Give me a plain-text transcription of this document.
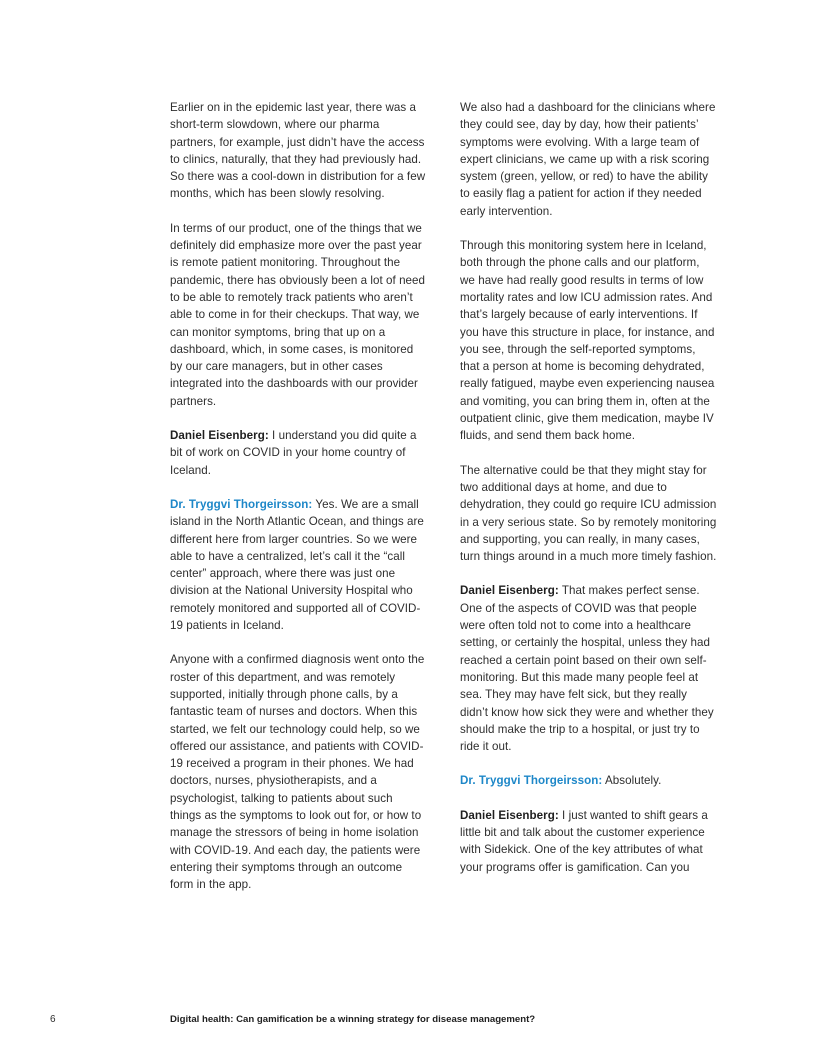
Earlier on in the epidemic last year, there was a short-term slowdown, where our pharma partners, for example, just didn’t have the access to clinics, naturally, that they had previously had. So there was a cool-down in distribution for a few months, which has been slowly resolving.

In terms of our product, one of the things that we definitely did emphasize more over the past year is remote patient monitoring. Throughout the pandemic, there has obviously been a lot of need to be able to remotely track patients who aren’t able to come in for their checkups. That way, we can monitor symptoms, bring that up on a dashboard, which, in some cases, is monitored by our care managers, but in other cases integrated into the dashboards with our provider partners.

Daniel Eisenberg: I understand you did quite a bit of work on COVID in your home country of Iceland.

Dr. Tryggvi Thorgeirsson: Yes. We are a small island in the North Atlantic Ocean, and things are different here from larger countries. So we were able to have a centralized, let’s call it the “call center” approach, where there was just one division at the National University Hospital who remotely monitored and supported all of COVID-19 patients in Iceland.

Anyone with a confirmed diagnosis went onto the roster of this department, and was remotely supported, initially through phone calls, by a fantastic team of nurses and doctors. When this started, we felt our technology could help, so we offered our assistance, and patients with COVID-19 received a program in their phones. We had doctors, nurses, physiotherapists, and a psychologist, talking to patients about such things as the symptoms to look out for, or how to manage the stressors of being in home isolation with COVID-19. And each day, the patients were entering their symptoms through an outcome form in the app.

We also had a dashboard for the clinicians where they could see, day by day, how their patients’ symptoms were evolving. With a large team of expert clinicians, we came up with a risk scoring system (green, yellow, or red) to have the ability to easily flag a patient for action if they needed early intervention.

Through this monitoring system here in Iceland, both through the phone calls and our platform, we have had really good results in terms of low mortality rates and low ICU admission rates. And that’s largely because of early interventions. If you have this structure in place, for instance, and you see, through the self-reported symptoms, that a person at home is becoming dehydrated, really fatigued, maybe even experiencing nausea and vomiting, you can bring them in, often at the outpatient clinic, give them medication, maybe IV fluids, and send them back home.

The alternative could be that they might stay for two additional days at home, and due to dehydration, they could go require ICU admission in a very serious state. So by remotely monitoring and supporting, you can really, in many cases, turn things around in a much more timely fashion.

Daniel Eisenberg: That makes perfect sense. One of the aspects of COVID was that people were often told not to come into a healthcare setting, or certainly the hospital, unless they had reached a certain point based on their own self-monitoring. But this made many people feel at sea. They may have felt sick, but they really didn’t know how sick they were and whether they should make the trip to a hospital, or just try to ride it out.

Dr. Tryggvi Thorgeirsson: Absolutely.

Daniel Eisenberg: I just wanted to shift gears a little bit and talk about the customer experience with Sidekick. One of the key attributes of what your programs offer is gamification. Can you

6	Digital health: Can gamification be a winning strategy for disease management?
